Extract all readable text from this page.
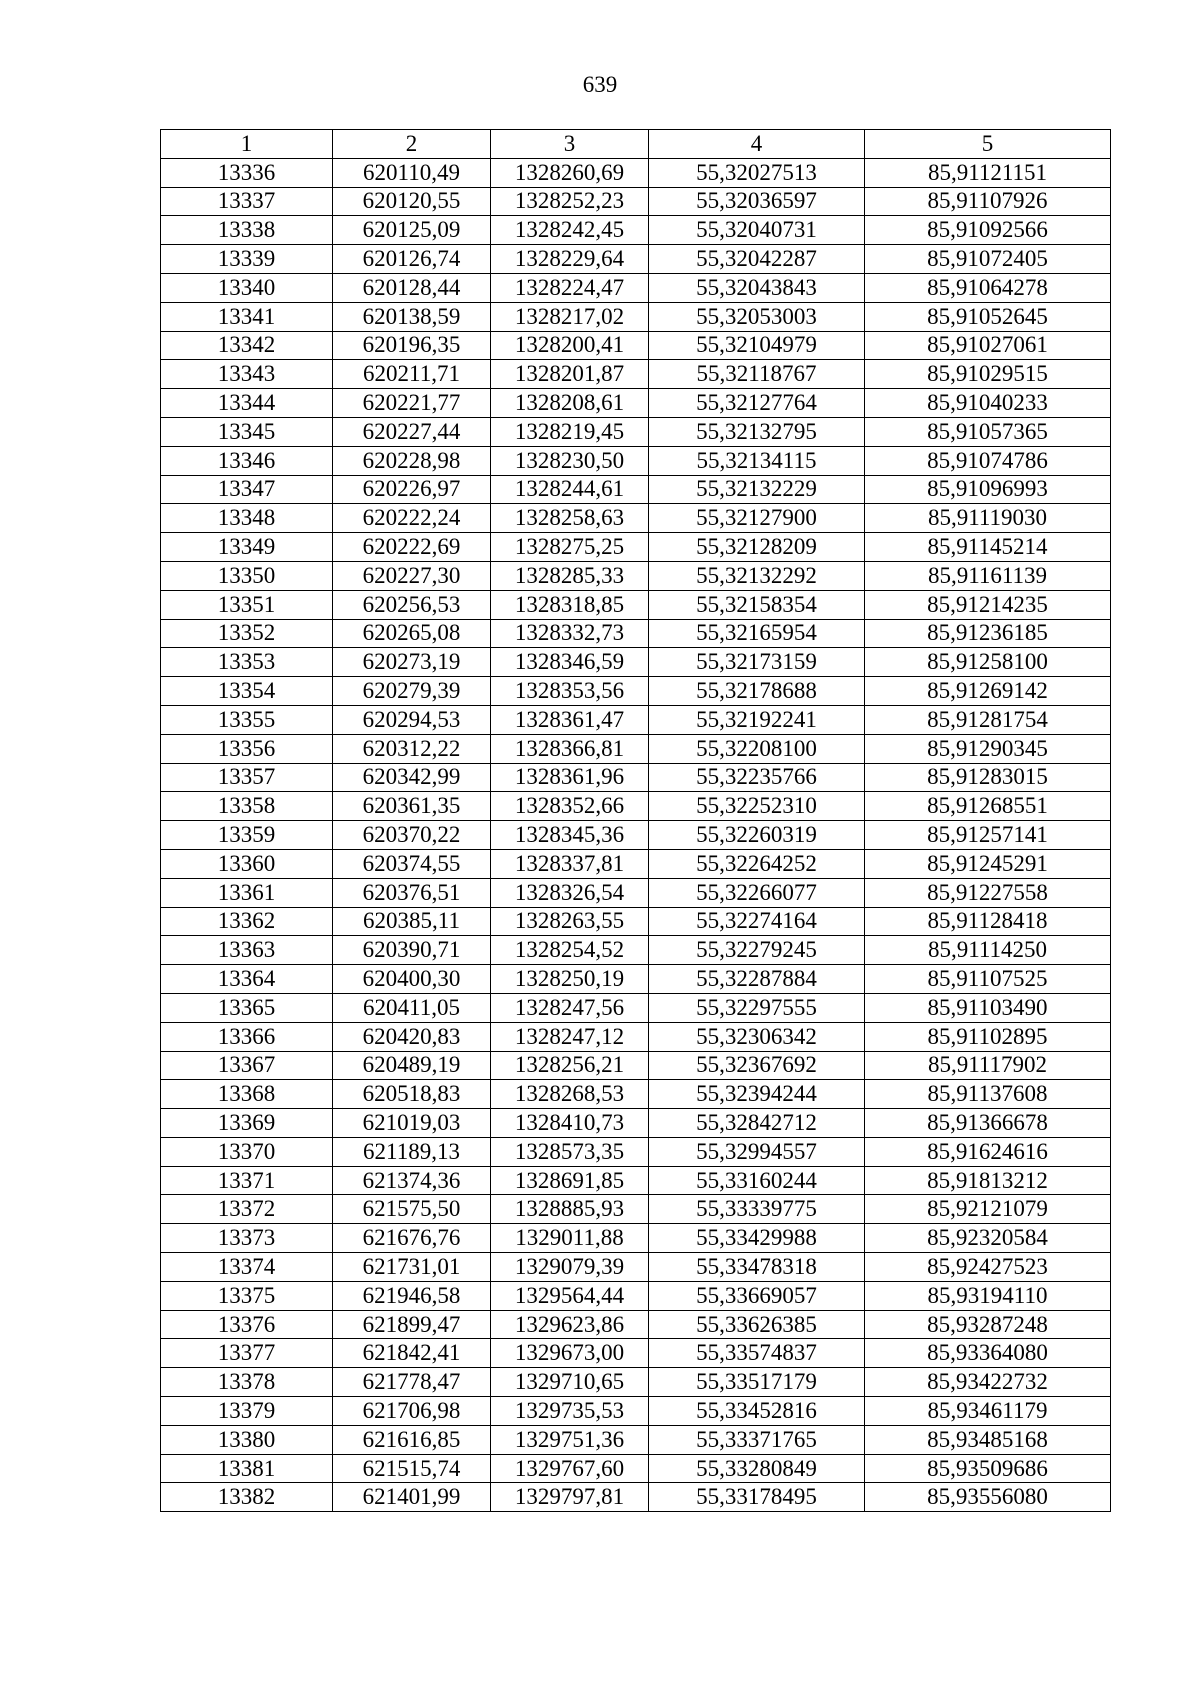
639
1	2	3	4	5
13336	620110,49	1328260,69	55,32027513	85,91121151
13337	620120,55	1328252,23	55,32036597	85,91107926
13338	620125,09	1328242,45	55,32040731	85,91092566
13339	620126,74	1328229,64	55,32042287	85,91072405
13340	620128,44	1328224,47	55,32043843	85,91064278
13341	620138,59	1328217,02	55,32053003	85,91052645
13342	620196,35	1328200,41	55,32104979	85,91027061
13343	620211,71	1328201,87	55,32118767	85,91029515
13344	620221,77	1328208,61	55,32127764	85,91040233
13345	620227,44	1328219,45	55,32132795	85,91057365
13346	620228,98	1328230,50	55,32134115	85,91074786
13347	620226,97	1328244,61	55,32132229	85,91096993
13348	620222,24	1328258,63	55,32127900	85,91119030
13349	620222,69	1328275,25	55,32128209	85,91145214
13350	620227,30	1328285,33	55,32132292	85,91161139
13351	620256,53	1328318,85	55,32158354	85,91214235
13352	620265,08	1328332,73	55,32165954	85,91236185
13353	620273,19	1328346,59	55,32173159	85,91258100
13354	620279,39	1328353,56	55,32178688	85,91269142
13355	620294,53	1328361,47	55,32192241	85,91281754
13356	620312,22	1328366,81	55,32208100	85,91290345
13357	620342,99	1328361,96	55,32235766	85,91283015
13358	620361,35	1328352,66	55,32252310	85,91268551
13359	620370,22	1328345,36	55,32260319	85,91257141
13360	620374,55	1328337,81	55,32264252	85,91245291
13361	620376,51	1328326,54	55,32266077	85,91227558
13362	620385,11	1328263,55	55,32274164	85,91128418
13363	620390,71	1328254,52	55,32279245	85,91114250
13364	620400,30	1328250,19	55,32287884	85,91107525
13365	620411,05	1328247,56	55,32297555	85,91103490
13366	620420,83	1328247,12	55,32306342	85,91102895
13367	620489,19	1328256,21	55,32367692	85,91117902
13368	620518,83	1328268,53	55,32394244	85,91137608
13369	621019,03	1328410,73	55,32842712	85,91366678
13370	621189,13	1328573,35	55,32994557	85,91624616
13371	621374,36	1328691,85	55,33160244	85,91813212
13372	621575,50	1328885,93	55,33339775	85,92121079
13373	621676,76	1329011,88	55,33429988	85,92320584
13374	621731,01	1329079,39	55,33478318	85,92427523
13375	621946,58	1329564,44	55,33669057	85,93194110
13376	621899,47	1329623,86	55,33626385	85,93287248
13377	621842,41	1329673,00	55,33574837	85,93364080
13378	621778,47	1329710,65	55,33517179	85,93422732
13379	621706,98	1329735,53	55,33452816	85,93461179
13380	621616,85	1329751,36	55,33371765	85,93485168
13381	621515,74	1329767,60	55,33280849	85,93509686
13382	621401,99	1329797,81	55,33178495	85,93556080
